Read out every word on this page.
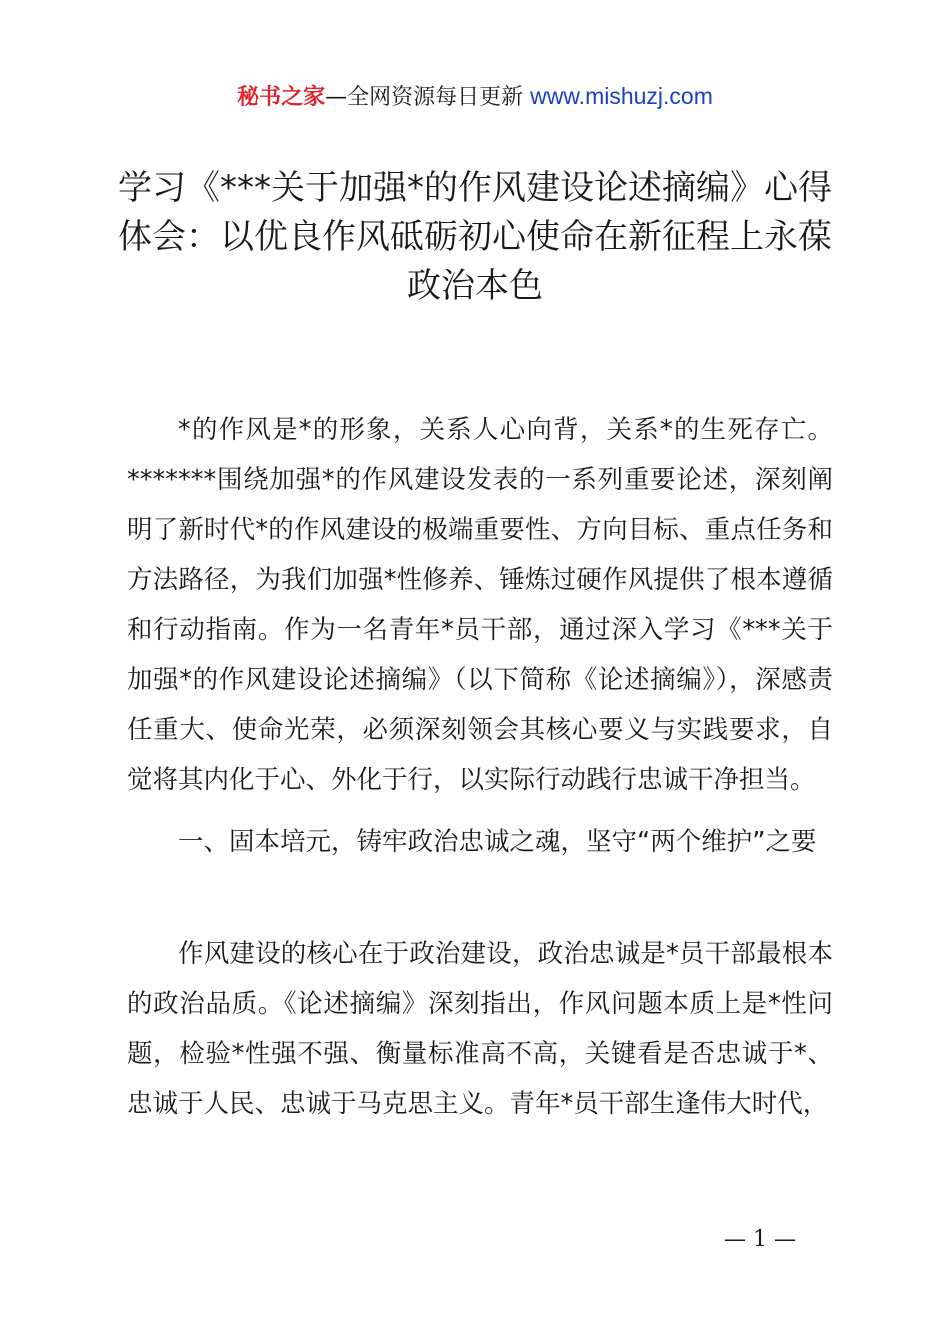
秘书之家—全网资源每日更新 www.mishuzj.com
学习《***关于加强*的作风建设论述摘编》心得体会：以优良作风砥砺初心使命在新征程上永葆政治本色

*的作风是*的形象，关系人心向背，关系*的生死存亡。*******围绕加强*的作风建设发表的一系列重要论述，深刻阐明了新时代*的作风建设的极端重要性、方向目标、重点任务和方法路径，为我们加强*性修养、锤炼过硬作风提供了根本遵循和行动指南。作为一名青年*员干部，通过深入学习《***关于加强*的作风建设论述摘编》（以下简称《论述摘编》），深感责任重大、使命光荣，必须深刻领会其核心要义与实践要求，自觉将其内化于心、外化于行，以实际行动践行忠诚干净担当。

一、固本培元，铸牢政治忠诚之魂，坚守“两个维护”之要

作风建设的核心在于政治建设，政治忠诚是*员干部最根本的政治品质。《论述摘编》深刻指出，作风问题本质上是*性问题，检验*性强不强、衡量标准高不高，关键看是否忠诚于*、忠诚于人民、忠诚于马克思主义。青年*员干部生逢伟大时代，

— 1 —
